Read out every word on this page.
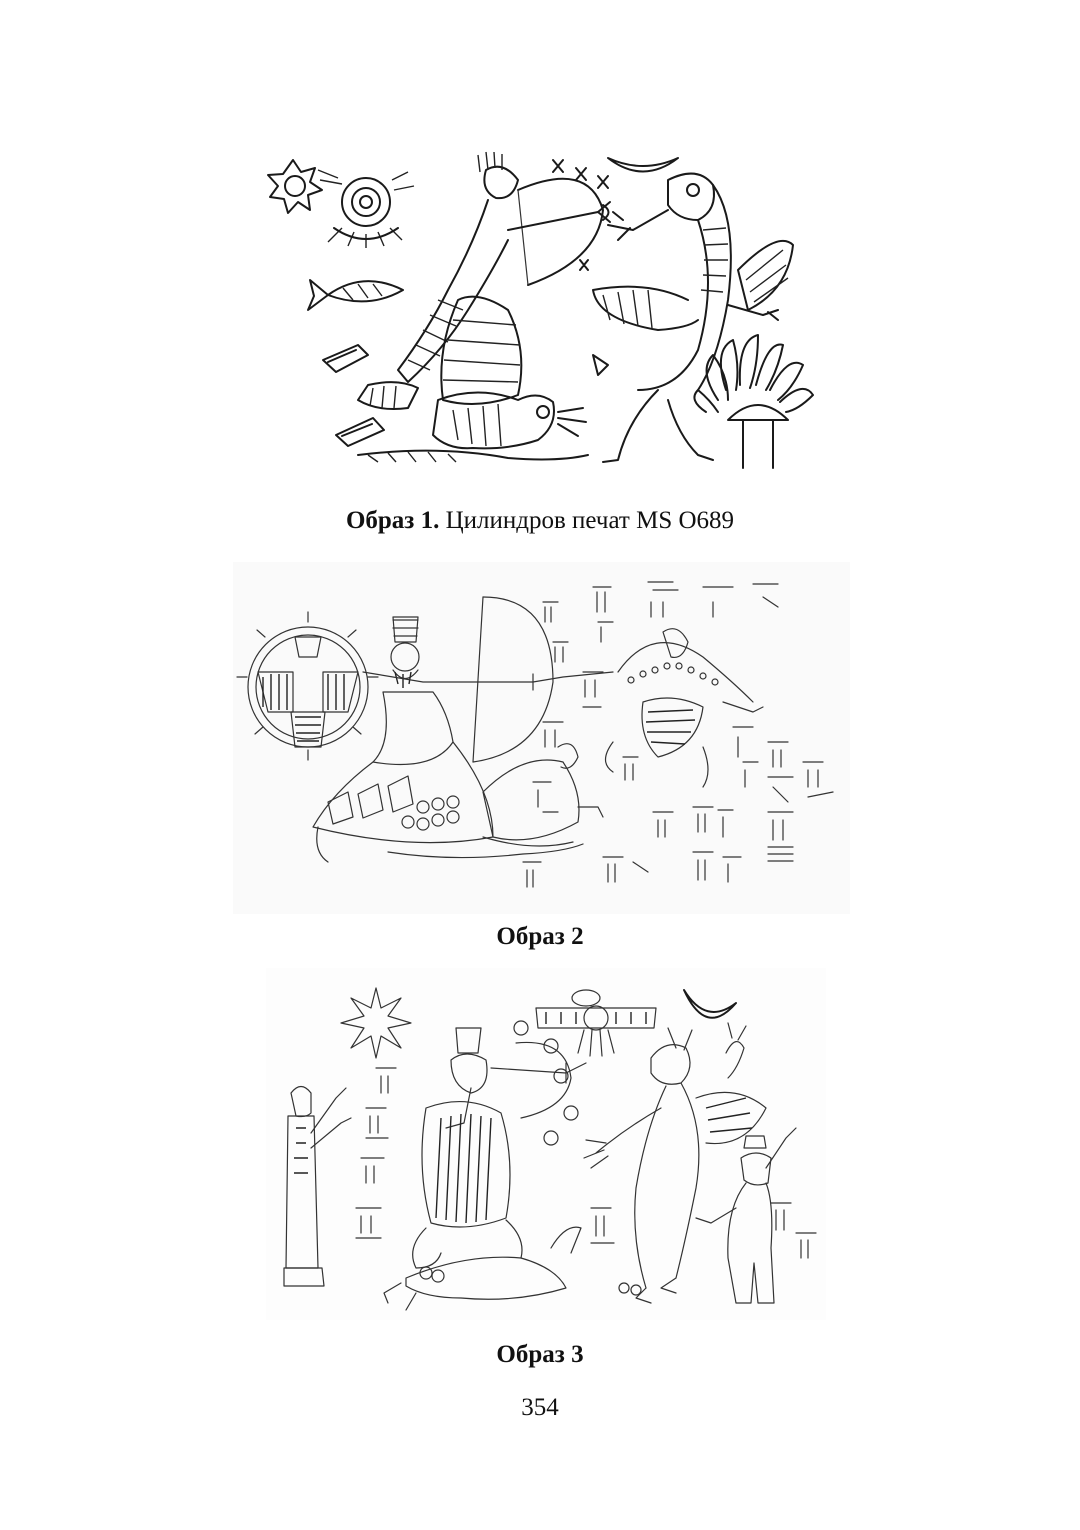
Образ 1. Цилиндров печат MS O689
Образ 2
Образ 3
354
